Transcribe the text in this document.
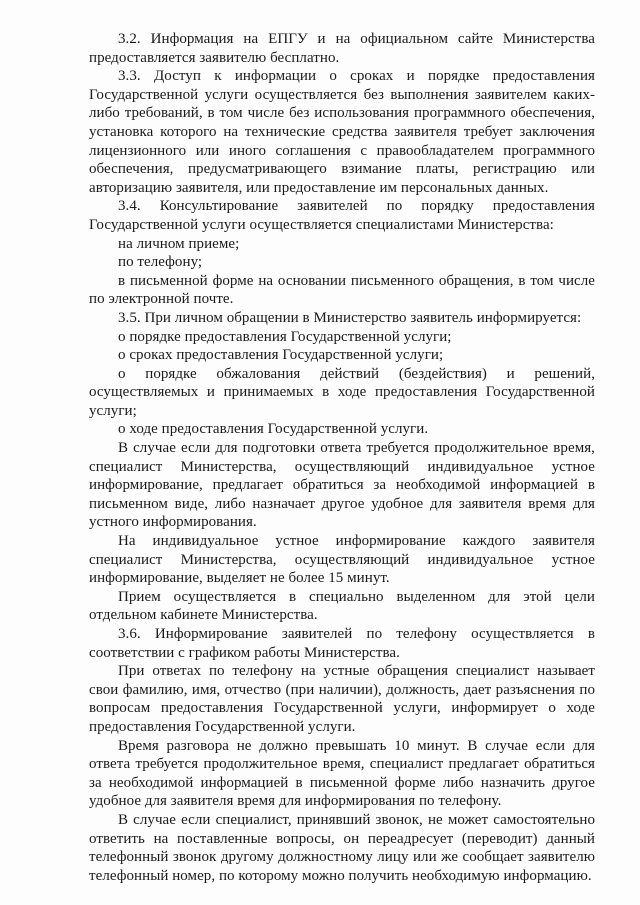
3.2. Информация на ЕПГУ и на официальном сайте Министерства предоставляется заявителю бесплатно.

3.3. Доступ к информации о сроках и порядке предоставления Государственной услуги осуществляется без выполнения заявителем каких-либо требований, в том числе без использования программного обеспечения, установка которого на технические средства заявителя требует заключения лицензионного или иного соглашения с правообладателем программного обеспечения, предусматривающего взимание платы, регистрацию или авторизацию заявителя, или предоставление им персональных данных.

3.4. Консультирование заявителей по порядку предоставления Государственной услуги осуществляется специалистами Министерства:

на личном приеме;

по телефону;

в письменной форме на основании письменного обращения, в том числе по электронной почте.

3.5. При личном обращении в Министерство заявитель информируется:

о порядке предоставления Государственной услуги;

о сроках предоставления Государственной услуги;

о порядке обжалования действий (бездействия) и решений, осуществляемых и принимаемых в ходе предоставления Государственной услуги;

о ходе предоставления Государственной услуги.

В случае если для подготовки ответа требуется продолжительное время, специалист Министерства, осуществляющий индивидуальное устное информирование, предлагает обратиться за необходимой информацией в письменном виде, либо назначает другое удобное для заявителя время для устного информирования.

На индивидуальное устное информирование каждого заявителя специалист Министерства, осуществляющий индивидуальное устное информирование, выделяет не более 15 минут.

Прием осуществляется в специально выделенном для этой цели отдельном кабинете Министерства.

3.6. Информирование заявителей по телефону осуществляется в соответствии с графиком работы Министерства.

При ответах по телефону на устные обращения специалист называет свои фамилию, имя, отчество (при наличии), должность, дает разъяснения по вопросам предоставления Государственной услуги, информирует о ходе предоставления Государственной услуги.

Время разговора не должно превышать 10 минут. В случае если для ответа требуется продолжительное время, специалист предлагает обратиться за необходимой информацией в письменной форме либо назначить другое удобное для заявителя время для информирования по телефону.

В случае если специалист, принявший звонок, не может самостоятельно ответить на поставленные вопросы, он переадресует (переводит) данный телефонный звонок другому должностному лицу или же сообщает заявителю телефонный номер, по которому можно получить необходимую информацию.
